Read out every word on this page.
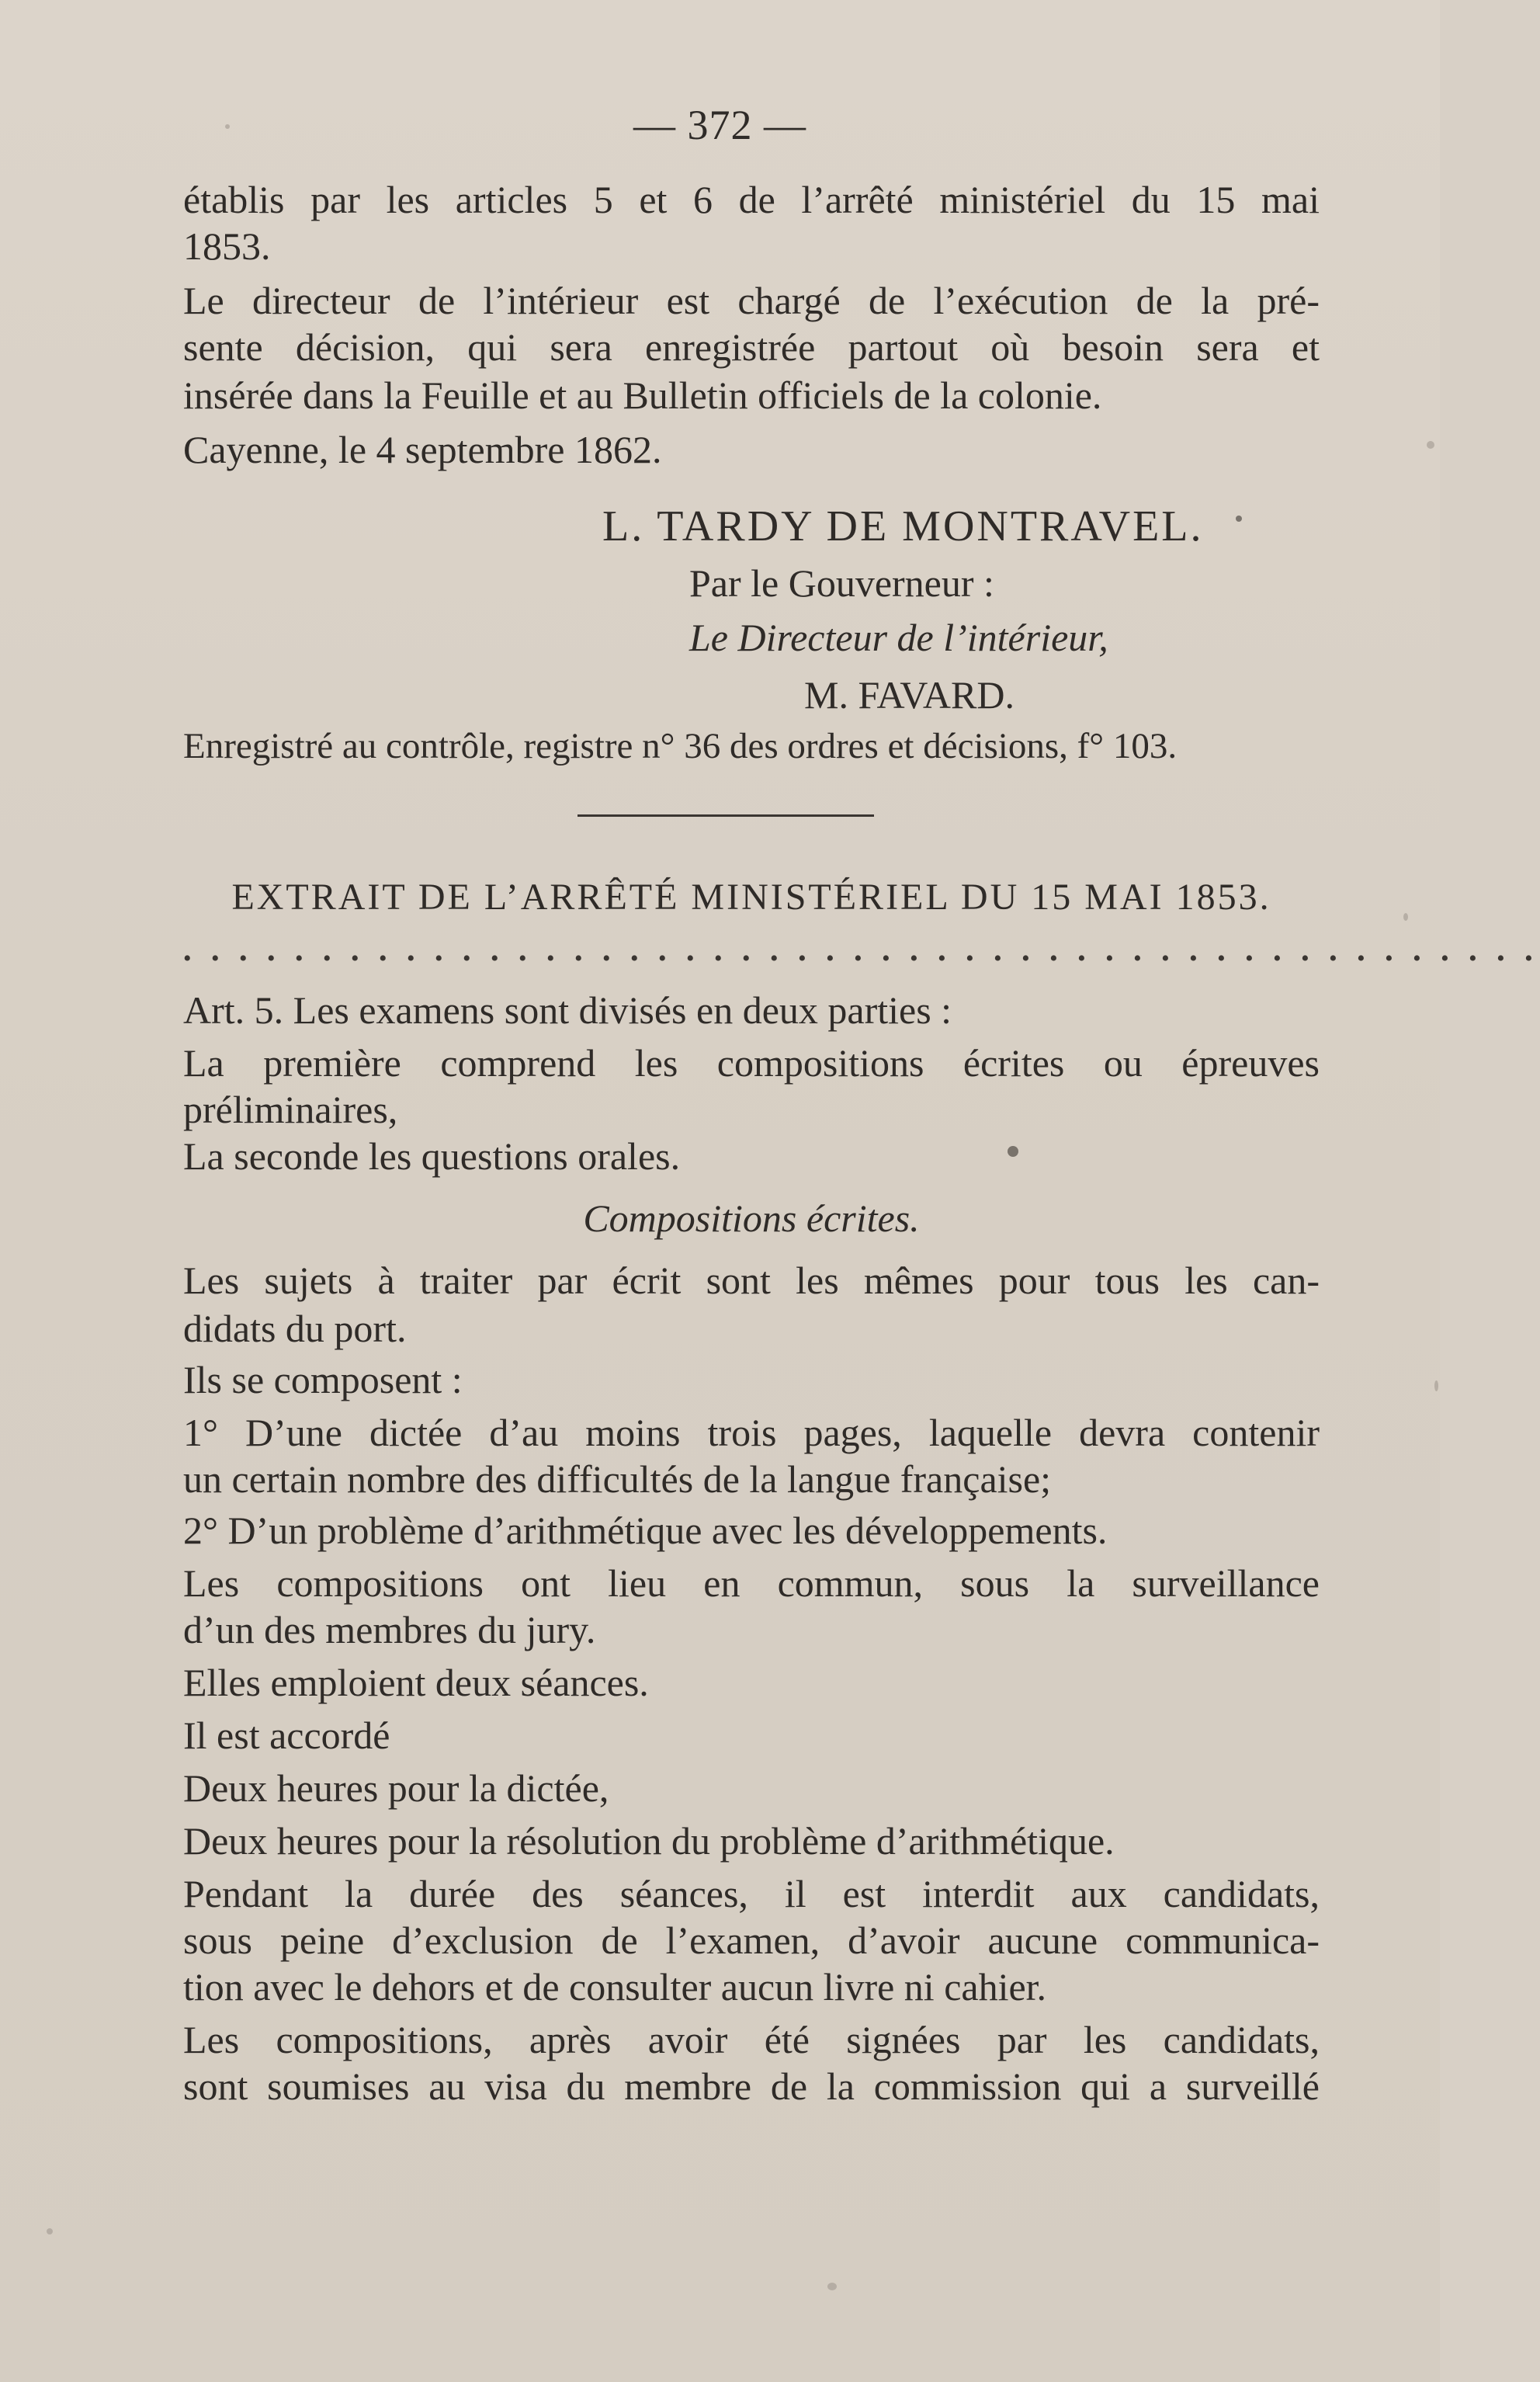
— 372 —
établis par les articles 5 et 6 de l’arrêté ministériel du 15 mai
1853.
Le directeur de l’intérieur est chargé de l’exécution de la pré-
sente décision, qui sera enregistrée partout où besoin sera et
insérée dans la Feuille et au Bulletin officiels de la colonie.
Cayenne, le 4 septembre 1862.
L. TARDY DE MONTRAVEL.
Par le Gouverneur :
Le Directeur de l’intérieur,
M. FAVARD.
Enregistré au contrôle, registre n° 36 des ordres et décisions, f° 103.
EXTRAIT DE L’ARRÊTÉ MINISTÉRIEL DU 15 MAI 1853.
• • • • • • • • • • • • • • • • • • • • • • • • • • • • • • • • • • • • • • • • • • • • • • • • •
Art. 5. Les examens sont divisés en deux parties :
La première comprend les compositions écrites ou épreuves
préliminaires,
La seconde les questions orales.
Compositions écrites.
Les sujets à traiter par écrit sont les mêmes pour tous les can-
didats du port.
Ils se composent :
1° D’une dictée d’au moins trois pages, laquelle devra contenir
un certain nombre des difficultés de la langue française;
2° D’un problème d’arithmétique avec les développements.
Les compositions ont lieu en commun, sous la surveillance
d’un des membres du jury.
Elles emploient deux séances.
Il est accordé
Deux heures pour la dictée,
Deux heures pour la résolution du problème d’arithmétique.
Pendant la durée des séances, il est interdit aux candidats,
sous peine d’exclusion de l’examen, d’avoir aucune communica-
tion avec le dehors et de consulter aucun livre ni cahier.
Les compositions, après avoir été signées par les candidats,
sont soumises au visa du membre de la commission qui a surveillé
